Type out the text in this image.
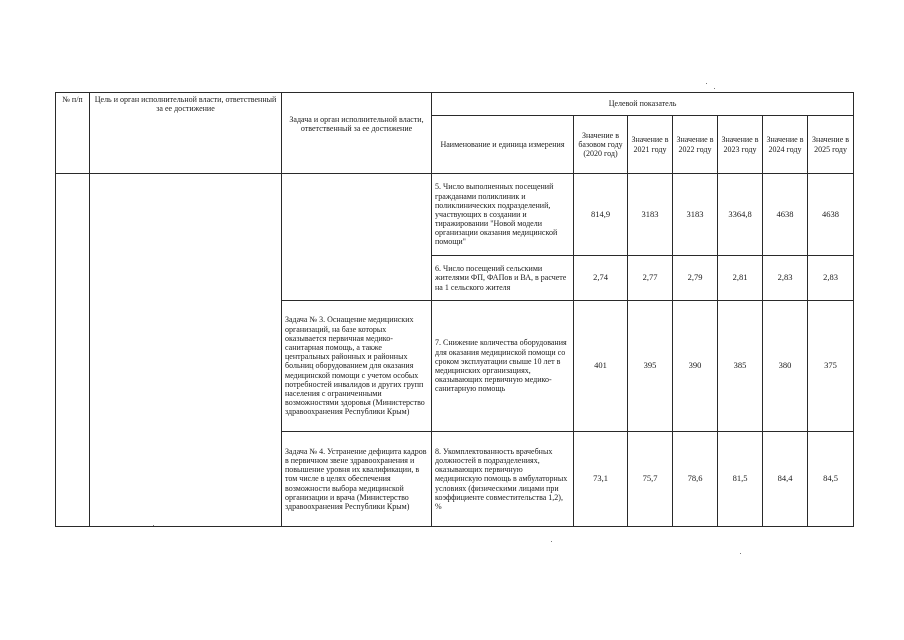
№ п/п	Цель и орган исполнительной власти, ответственный за ее достижение	Задача и орган исполнительной власти, ответственный за ее достижение	Целевой показатель						
			Наименование и единица измерения	Значение в базовом году (2020 год)	Значение в 2021 году	Значение в 2022 году	Значение в 2023 году	Значение в 2024 году	Значение в 2025 году
			5. Число выполненных посещений гражданами поликлиник и поликлинических подразделений, участвующих в создании и тиражировании "Новой модели организации оказания медицинской помощи"	814,9	3183	3183	3364,8	4638	4638
			6. Число посещений сельскими жителями ФП, ФАПов и ВА, в расчете на 1 сельского жителя	2,74	2,77	2,79	2,81	2,83	2,83
		Задача № 3. Оснащение медицинских организаций, на базе которых оказывается первичная медико-санитарная помощь, а также центральных районных и районных больниц оборудованием для оказания медицинской помощи с учетом особых потребностей инвалидов и других групп населения с ограниченными возможностями здоровья (Министерство здравоохранения Республики Крым)	7. Снижение количества оборудования для оказания медицинской помощи со сроком эксплуатации свыше 10 лет в медицинских организациях, оказывающих первичную медико-санитарную помощь	401	395	390	385	380	375
		Задача № 4. Устранение дефицита кадров в первичном звене здравоохранения и повышение уровня их квалификации, в том числе в целях обеспечения возможности выбора медицинской организации и врача (Министерство здравоохранения Республики Крым)	8. Укомплектованность врачебных должностей в подразделениях, оказывающих первичную медицинскую помощь в амбулаторных условиях (физическими лицами при коэффициенте совместительства 1,2), %	73,1	75,7	78,6	81,5	84,4	84,5
